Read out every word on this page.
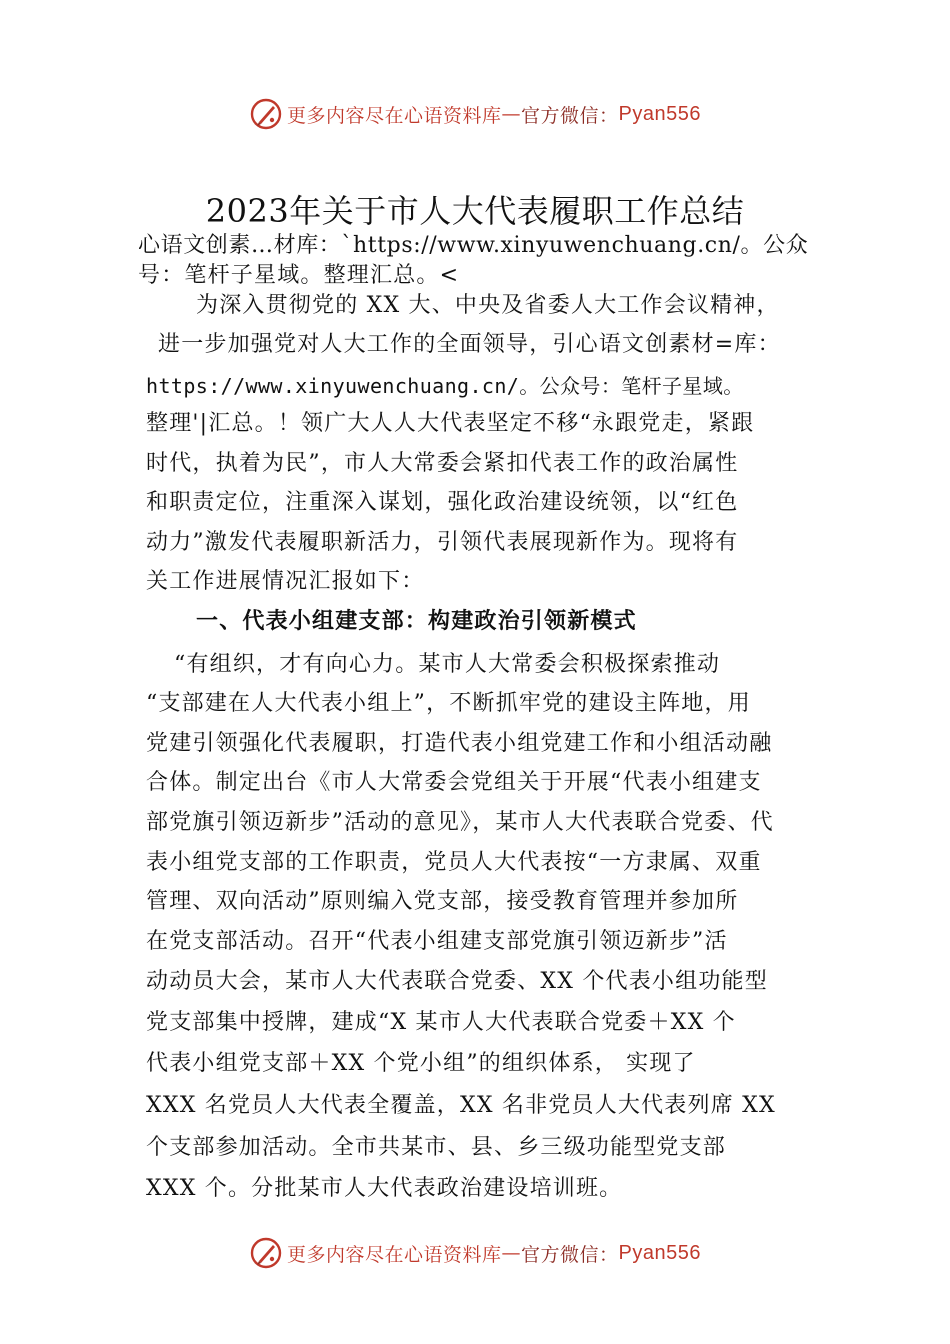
更多内容尽在心语资料库 — 官方微信： Pyan556
2023年关于市人大代表履职工作总结
心语文创素…材库：`https://www.xinyuwenchuang.cn/。公众
号：笔杆子星域。整理汇总。<
为深入贯彻党的 XX 大、中央及省委人大工作会议精神，
进一步加强党对人大工作的全面领导，引心语文创素材=库：
https://www.xinyuwenchuang.cn/。公众号：笔杆子星域。
整理'|汇总。！领广大人人大代表坚定不移“永跟党走，紧跟
时代，执着为民”，市人大常委会紧扣代表工作的政治属性
和职责定位，注重深入谋划，强化政治建设统领，以“红色
动力”激发代表履职新活力，引领代表展现新作为。现将有
关工作进展情况汇报如下：
一、代表小组建支部：构建政治引领新模式
“有组织，才有向心力。某市人大常委会积极探索推动
“支部建在人大代表小组上”，不断抓牢党的建设主阵地，用
党建引领强化代表履职，打造代表小组党建工作和小组活动融
合体。制定出台《市人大常委会党组关于开展“代表小组建支
部党旗引领迈新步”活动的意见》，某市人大代表联合党委、代
表小组党支部的工作职责，党员人大代表按“一方隶属、双重
管理、双向活动”原则编入党支部，接受教育管理并参加所
在党支部活动。召开“代表小组建支部党旗引领迈新步”活
动动员大会，某市人大代表联合党委、XX 个代表小组功能型
党支部集中授牌，建成“X 某市人大代表联合党委＋XX 个
代表小组党支部＋XX 个党小组”的组织体系， 实现了
XXX 名党员人大代表全覆盖，XX 名非党员人大代表列席 XX
个支部参加活动。全市共某市、县、乡三级功能型党支部
XXX 个。分批某市人大代表政治建设培训班。
更多内容尽在心语资料库 — 官方微信： Pyan556
